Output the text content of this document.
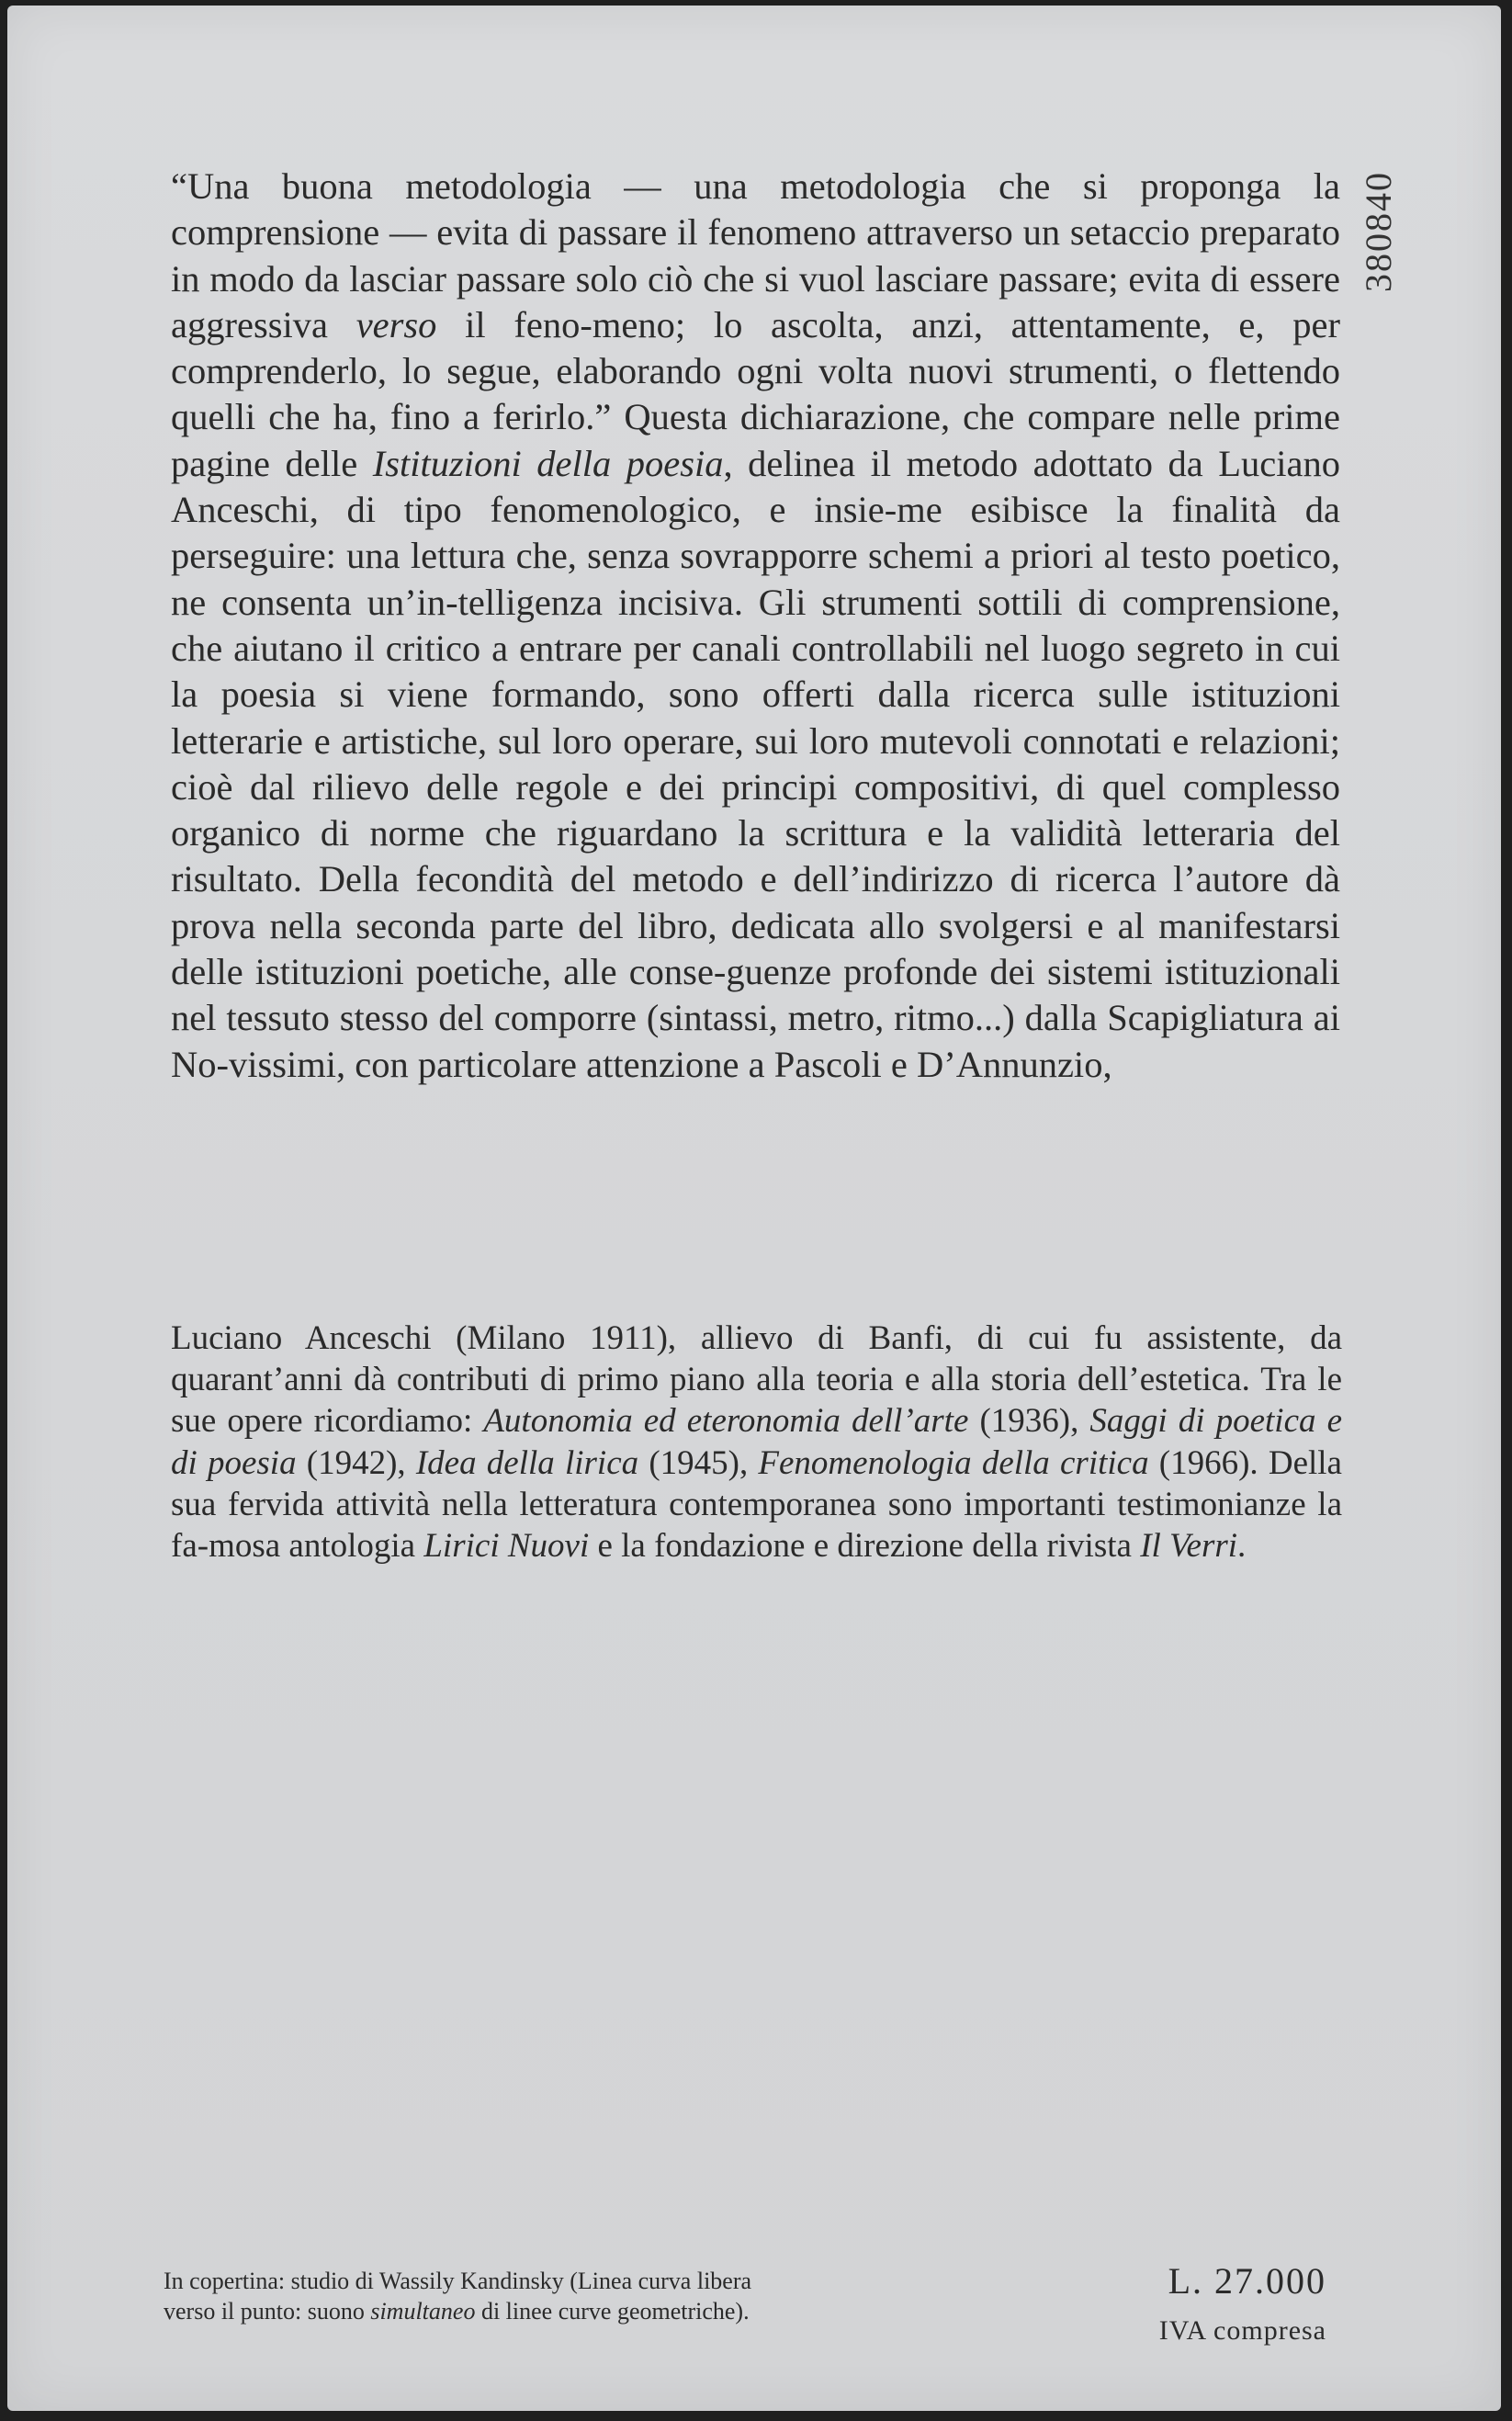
380840

“Una buona metodologia — una metodologia che si proponga la comprensione — evita di passare il fenomeno attraverso un setaccio preparato in modo da lasciar passare solo ciò che si vuol lasciare passare; evita di essere aggressiva verso il feno-meno; lo ascolta, anzi, attentamente, e, per comprenderlo, lo segue, elaborando ogni volta nuovi strumenti, o flettendo quelli che ha, fino a ferirlo.” Questa dichiarazione, che compare nelle prime pagine delle Istituzioni della poesia, delinea il metodo adottato da Luciano Anceschi, di tipo fenomenologico, e insie-me esibisce la finalità da perseguire: una lettura che, senza sovrapporre schemi a priori al testo poetico, ne consenta un’in-telligenza incisiva. Gli strumenti sottili di comprensione, che aiutano il critico a entrare per canali controllabili nel luogo segreto in cui la poesia si viene formando, sono offerti dalla ricerca sulle istituzioni letterarie e artistiche, sul loro operare, sui loro mutevoli connotati e relazioni; cioè dal rilievo delle regole e dei principi compositivi, di quel complesso organico di norme che riguardano la scrittura e la validità letteraria del risultato. Della fecondità del metodo e dell’indirizzo di ricerca l’autore dà prova nella seconda parte del libro, dedicata allo svolgersi e al manifestarsi delle istituzioni poetiche, alle conse-guenze profonde dei sistemi istituzionali nel tessuto stesso del comporre (sintassi, metro, ritmo...) dalla Scapigliatura ai No-vissimi, con particolare attenzione a Pascoli e D’Annunzio,

Luciano Anceschi (Milano 1911), allievo di Banfi, di cui fu assistente, da quarant’anni dà contributi di primo piano alla teoria e alla storia dell’estetica. Tra le sue opere ricordiamo: Autonomia ed eteronomia dell’arte (1936), Saggi di poetica e di poesia (1942), Idea della lirica (1945), Fenomenologia della critica (1966). Della sua fervida attività nella letteratura contemporanea sono importanti testimonianze la fa-mosa antologia Lirici Nuovi e la fondazione e direzione della rivista Il Verri.

In copertina: studio di Wassily Kandinsky (Linea curva libera verso il punto: suono simultaneo di linee curve geometriche).

L. 27.000
IVA compresa
